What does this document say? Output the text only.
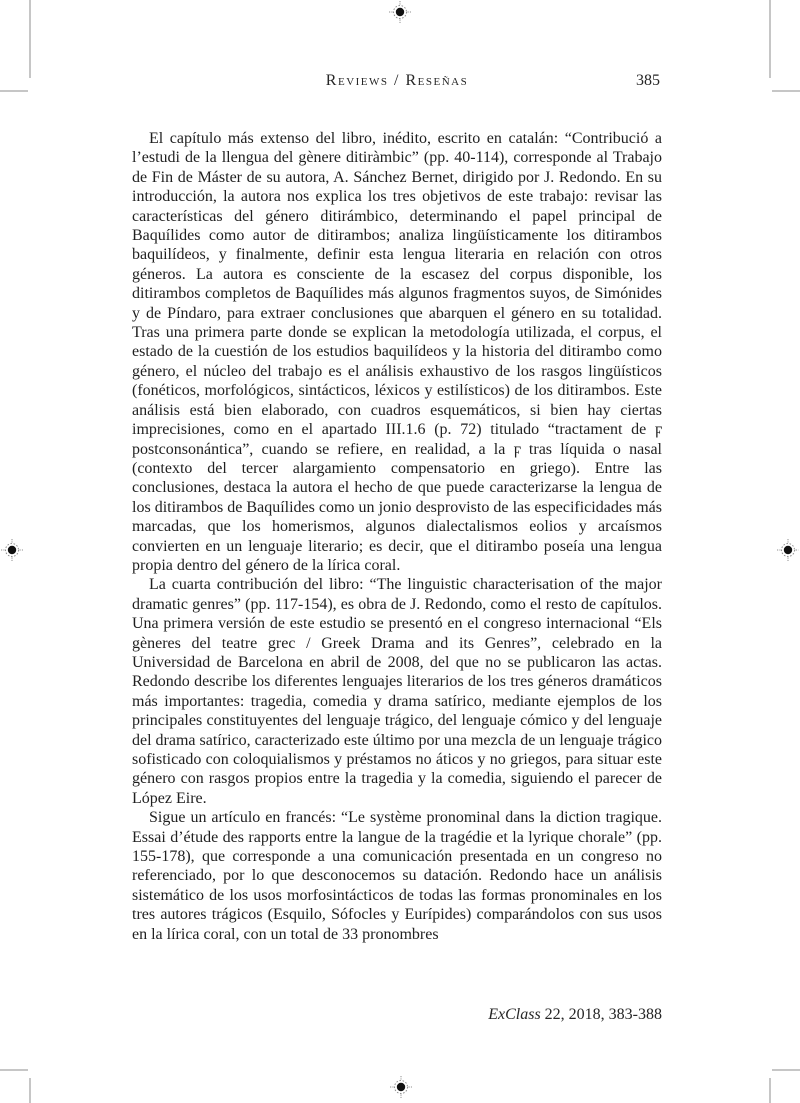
Reviews / Reseñas	385

El capítulo más extenso del libro, inédito, escrito en catalán: “Contribució a l’estudi de la llengua del gènere ditiràmbic” (pp. 40-114), corresponde al Trabajo de Fin de Máster de su autora, A. Sánchez Bernet, dirigido por J. Redondo. En su introducción, la autora nos explica los tres objetivos de este trabajo: revisar las características del género ditirámbico, determinando el papel principal de Baquílides como autor de ditirambos; analiza lingüísticamente los ditirambos baquilídeos, y finalmente, definir esta lengua literaria en relación con otros géneros. La autora es consciente de la escasez del corpus disponible, los ditirambos completos de Baquílides más algunos fragmentos suyos, de Simónides y de Píndaro, para extraer conclusiones que abarquen el género en su totalidad. Tras una primera parte donde se explican la metodología utilizada, el corpus, el estado de la cuestión de los estudios baquilídeos y la historia del ditirambo como género, el núcleo del trabajo es el análisis exhaustivo de los rasgos lingüísticos (fonéticos, morfológicos, sintácticos, léxicos y estilísticos) de los ditirambos. Este análisis está bien elaborado, con cuadros esquemáticos, si bien hay ciertas imprecisiones, como en el apartado III.1.6 (p. 72) titulado “tractament de ϝ postconsonántica”, cuando se refiere, en realidad, a la ϝ tras líquida o nasal (contexto del tercer alargamiento compensatorio en griego). Entre las conclusiones, destaca la autora el hecho de que puede caracterizarse la lengua de los ditirambos de Baquílides como un jonio desprovisto de las especificidades más marcadas, que los homerismos, algunos dialectalismos eolios y arcaísmos convierten en un lenguaje literario; es decir, que el ditirambo poseía una lengua propia dentro del género de la lírica coral.

La cuarta contribución del libro: “The linguistic characterisation of the major dramatic genres” (pp. 117-154), es obra de J. Redondo, como el resto de capítulos. Una primera versión de este estudio se presentó en el congreso internacional “Els gèneres del teatre grec / Greek Drama and its Genres”, celebrado en la Universidad de Barcelona en abril de 2008, del que no se publicaron las actas. Redondo describe los diferentes lenguajes literarios de los tres géneros dramáticos más importantes: tragedia, comedia y drama satírico, mediante ejemplos de los principales constituyentes del lenguaje trágico, del lenguaje cómico y del lenguaje del drama satírico, caracterizado este último por una mezcla de un lenguaje trágico sofisticado con coloquialismos y préstamos no áticos y no griegos, para situar este género con rasgos propios entre la tragedia y la comedia, siguiendo el parecer de López Eire.

Sigue un artículo en francés: “Le système pronominal dans la diction tragique. Essai d’étude des rapports entre la langue de la tragédie et la lyrique chorale” (pp. 155-178), que corresponde a una comunicación presentada en un congreso no referenciado, por lo que desconocemos su datación. Redondo hace un análisis sistemático de los usos morfosintácticos de todas las formas pronominales en los tres autores trágicos (Esquilo, Sófocles y Eurípides) comparándolos con sus usos en la lírica coral, con un total de 33 pronombres

ExClass 22, 2018, 383-388
